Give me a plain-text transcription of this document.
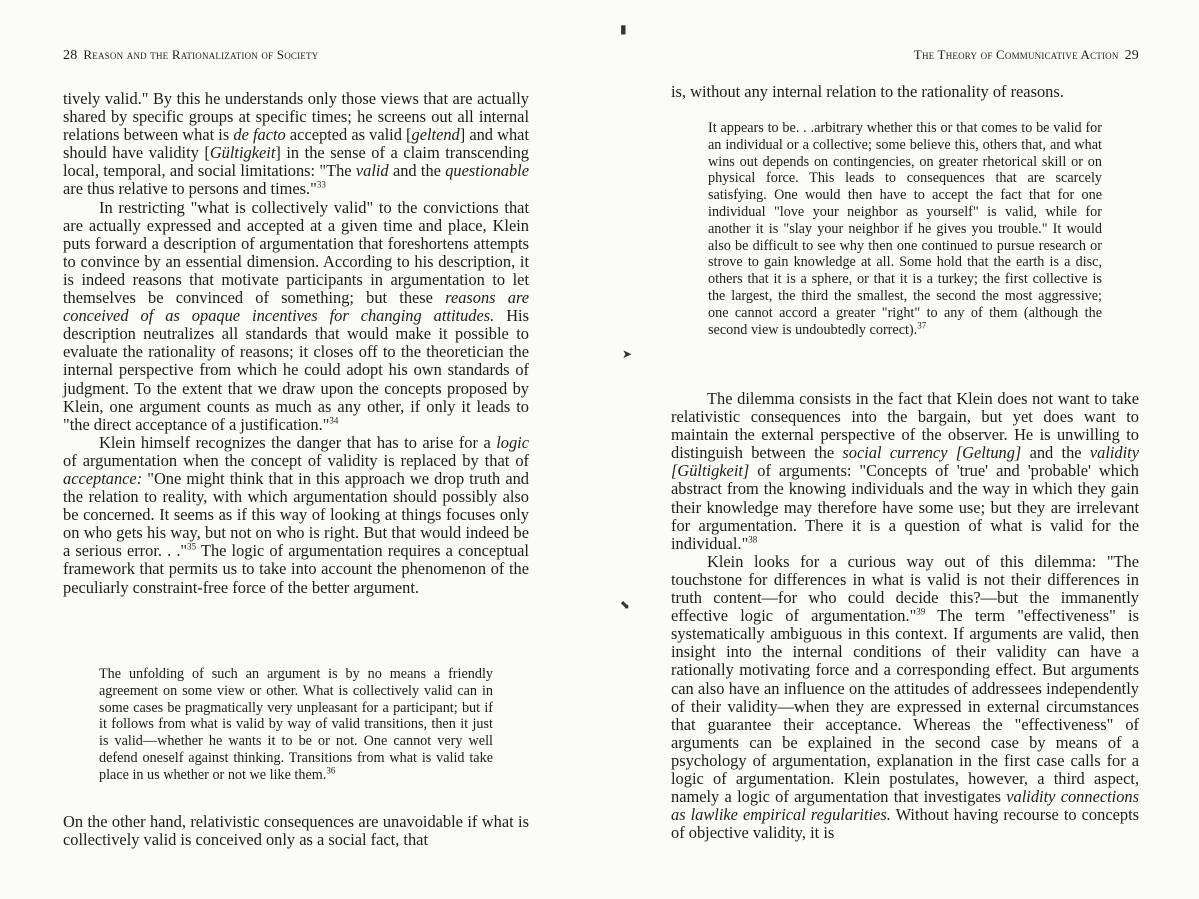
28 Reason and the Rationalization of Society

tively valid." By this he understands only those views that are actually shared by specific groups at specific times; he screens out all internal relations between what is de facto accepted as valid [geltend] and what should have validity [Gültigkeit] in the sense of a claim transcending local, temporal, and social limitations: "The valid and the questionable are thus relative to persons and times."$^{33}$

In restricting "what is collectively valid" to the convictions that are actually expressed and accepted at a given time and place, Klein puts forward a description of argumentation that foreshortens attempts to convince by an essential dimension. According to his description, it is indeed reasons that motivate participants in argumentation to let themselves be convinced of something; but these reasons are conceived of as opaque incentives for changing attitudes. His description neutralizes all standards that would make it possible to evaluate the rationality of reasons; it closes off to the theoretician the internal perspective from which he could adopt his own standards of judgment. To the extent that we draw upon the concepts proposed by Klein, one argument counts as much as any other, if only it leads to "the direct acceptance of a justification."$^{34}$

Klein himself recognizes the danger that has to arise for a logic of argumentation when the concept of validity is replaced by that of acceptance: "One might think that in this approach we drop truth and the relation to reality, with which argumentation should possibly also be concerned. It seems as if this way of looking at things focuses only on who gets his way, but not on who is right. But that would indeed be a serious error. . ."$^{35}$ The logic of argumentation requires a conceptual framework that permits us to take into account the phenomenon of the peculiarly constraint-free force of the better argument.

The unfolding of such an argument is by no means a friendly agreement on some view or other. What is collectively valid can in some cases be pragmatically very unpleasant for a participant; but if it follows from what is valid by way of valid transitions, then it just is valid—whether he wants it to be or not. One cannot very well defend oneself against thinking. Transitions from what is valid take place in us whether or not we like them.$^{36}$

On the other hand, relativistic consequences are unavoidable if what is collectively valid is conceived only as a social fact, that

The Theory of Communicative Action 29

is, without any internal relation to the rationality of reasons.

It appears to be. . .arbitrary whether this or that comes to be valid for an individual or a collective; some believe this, others that, and what wins out depends on contingencies, on greater rhetorical skill or on physical force. This leads to consequences that are scarcely satisfying. One would then have to accept the fact that for one individual "love your neighbor as yourself" is valid, while for another it is "slay your neighbor if he gives you trouble." It would also be difficult to see why then one continued to pursue research or strove to gain knowledge at all. Some hold that the earth is a disc, others that it is a sphere, or that it is a turkey; the first collective is the largest, the third the smallest, the second the most aggressive; one cannot accord a greater "right" to any of them (although the second view is undoubtedly correct).$^{37}$

The dilemma consists in the fact that Klein does not want to take relativistic consequences into the bargain, but yet does want to maintain the external perspective of the observer. He is unwilling to distinguish between the social currency [Geltung] and the validity [Gültigkeit] of arguments: "Concepts of 'true' and 'probable' which abstract from the knowing individuals and the way in which they gain their knowledge may therefore have some use; but they are irrelevant for argumentation. There it is a question of what is valid for the individual."$^{38}$

Klein looks for a curious way out of this dilemma: "The touchstone for differences in what is valid is not their differences in truth content—for who could decide this?—but the immanently effective logic of argumentation."$^{39}$ The term "effectiveness" is systematically ambiguous in this context. If arguments are valid, then insight into the internal conditions of their validity can have a rationally motivating force and a corresponding effect. But arguments can also have an influence on the attitudes of addressees independently of their validity—when they are expressed in external circumstances that guarantee their acceptance. Whereas the "effectiveness" of arguments can be explained in the second case by means of a psychology of argumentation, explanation in the first case calls for a logic of argumentation. Klein postulates, however, a third aspect, namely a logic of argumentation that investigates validity connections as lawlike empirical regularities. Without having recourse to concepts of objective validity, it is

▮
➤
⬊
